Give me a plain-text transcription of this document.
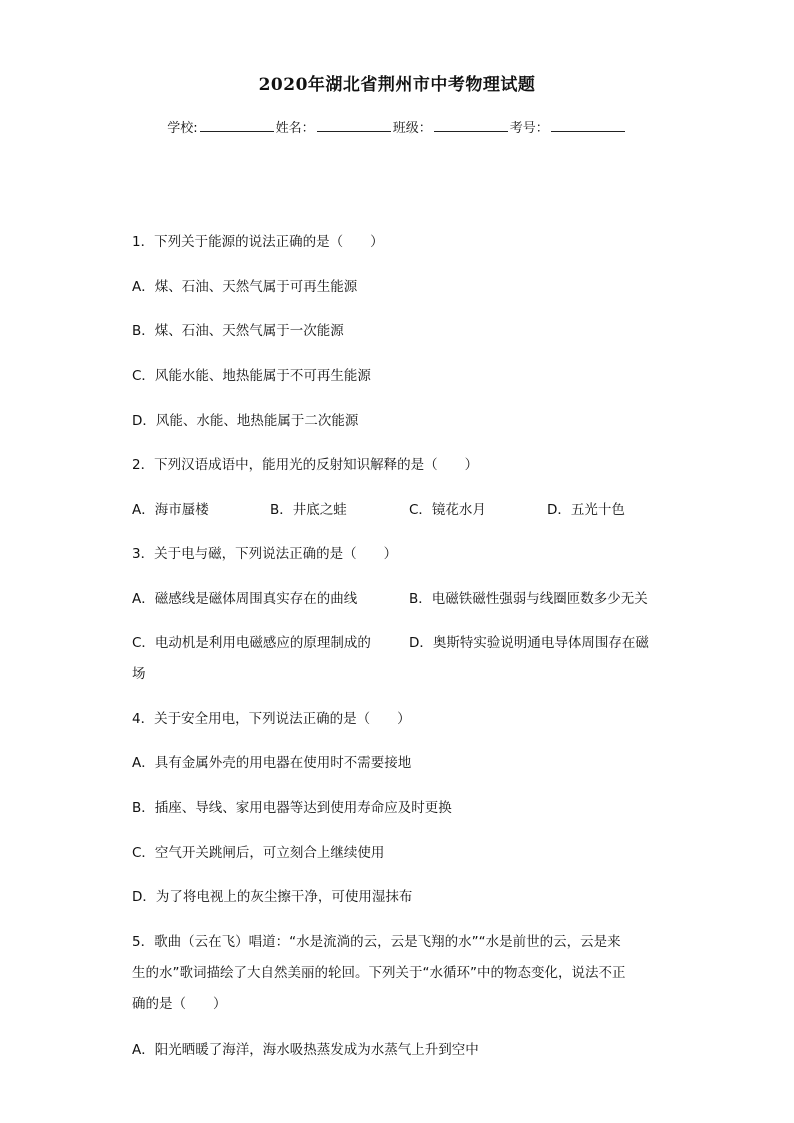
2020年湖北省荆州市中考物理试题
学校:	姓名：	班级：	考号：
1．下列关于能源的说法正确的是（　　）
A．煤、石油、天然气属于可再生能源
B．煤、石油、天然气属于一次能源
C．风能水能、地热能属于不可再生能源
D．风能、水能、地热能属于二次能源
2．下列汉语成语中，能用光的反射知识解释的是（　　）
A．海市蜃楼	B．井底之蛙	C．镜花水月	D．五光十色
3．关于电与磁，下列说法正确的是（　　）
A．磁感线是磁体周围真实存在的曲线	B．电磁铁磁性强弱与线圈匝数多少无关
C．电动机是利用电磁感应的原理制成的	D．奥斯特实验说明通电导体周围存在磁
场
4．关于安全用电，下列说法正确的是（　　）
A．具有金属外壳的用电器在使用时不需要接地
B．插座、导线、家用电器等达到使用寿命应及时更换
C．空气开关跳闸后，可立刻合上继续使用
D．为了将电视上的灰尘擦干净，可使用湿抹布
5．歌曲（云在飞）唱道：“水是流淌的云，云是飞翔的水”“水是前世的云，云是来
生的水”歌词描绘了大自然美丽的轮回。下列关于“水循环”中的物态变化，说法不正
确的是（　　）
A．阳光晒暖了海洋，海水吸热蒸发成为水蒸气上升到空中
